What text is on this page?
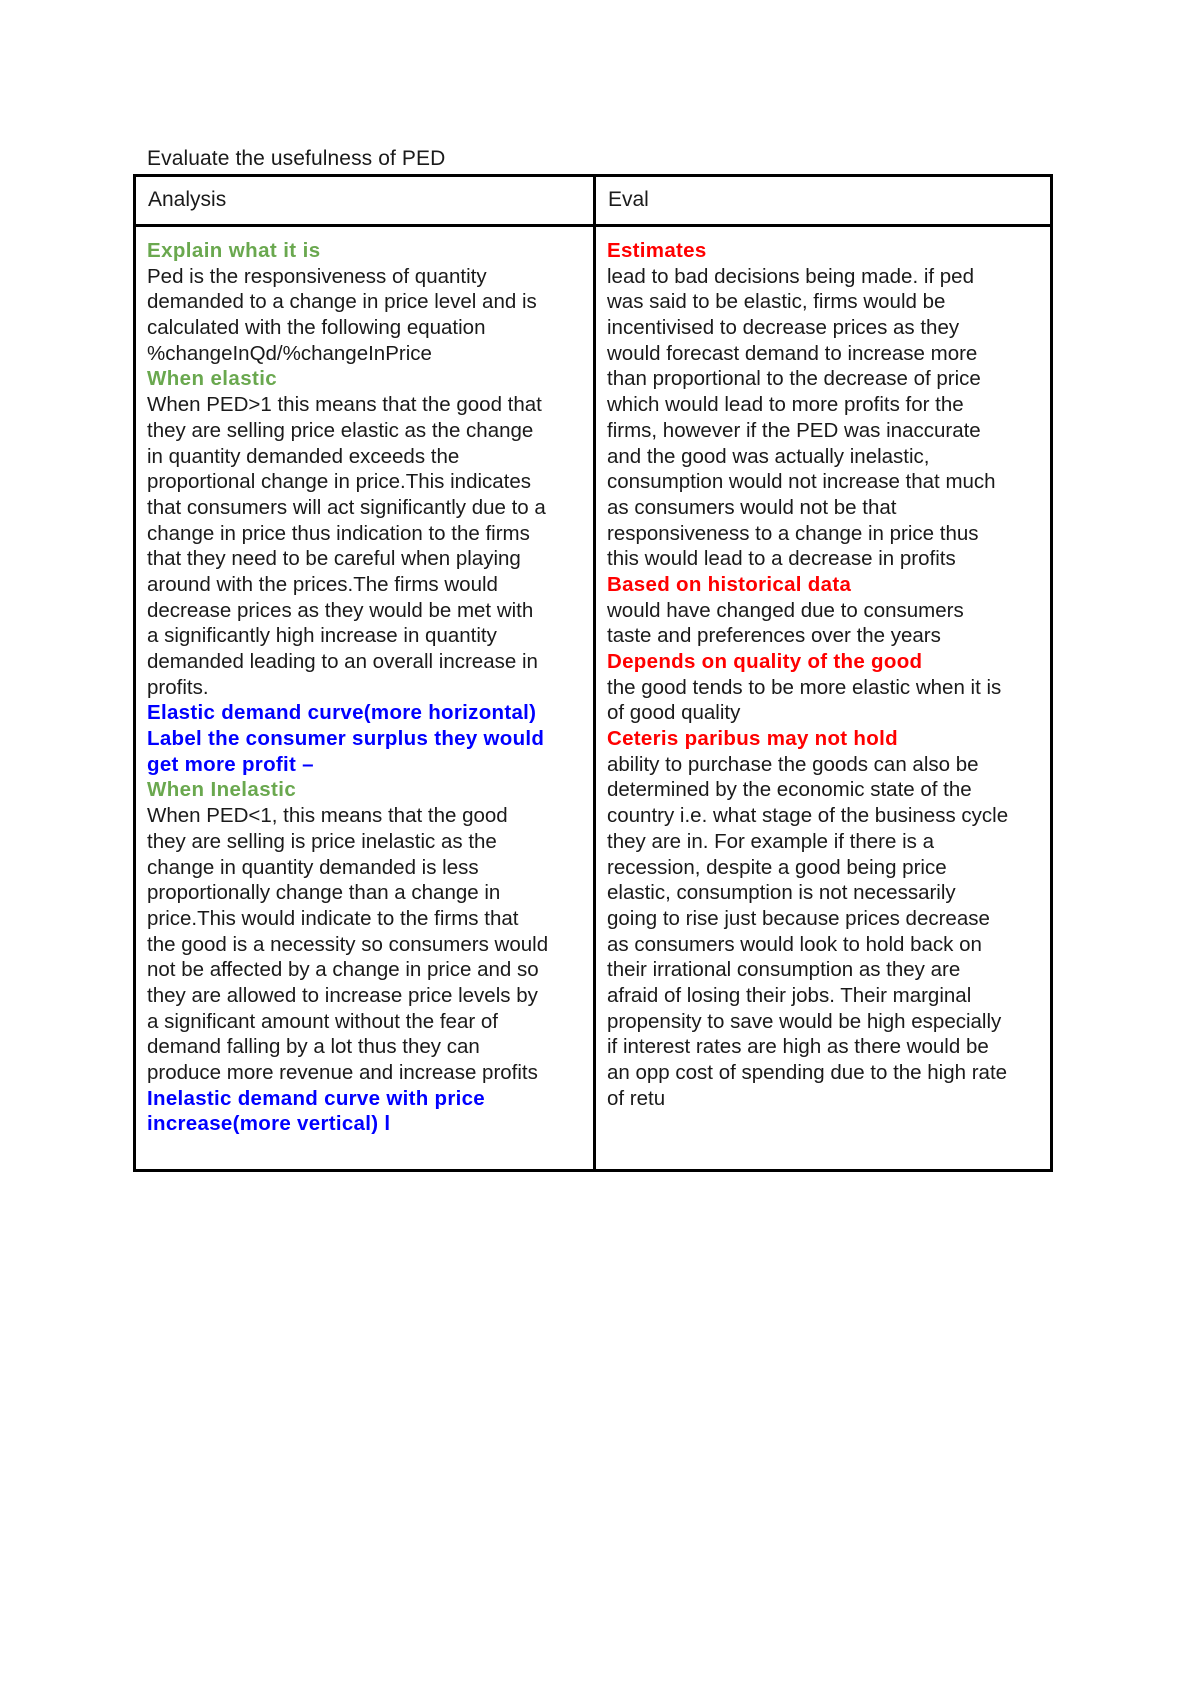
Evaluate the usefulness of PED
Analysis	Eval
Explain what it is
Ped is the responsiveness of quantity
demanded to a change in price level and is
calculated with the following equation
%changeInQd/%changeInPrice
When elastic
When PED>1 this means that the good that
they are selling price elastic as the change
in quantity demanded exceeds the
proportional change in price.This indicates
that consumers will act significantly due to a
change in price thus indication to the firms
that they need to be careful when playing
around with the prices.The firms would
decrease prices as they would be met with
a significantly high increase in quantity
demanded leading to an overall increase in
profits.
Elastic demand curve(more horizontal)
Label the consumer surplus they would
get more profit –
When Inelastic
When PED<1, this means that the good
they are selling is price inelastic as the
change in quantity demanded is less
proportionally change than a change in
price.This would indicate to the firms that
the good is a necessity so consumers would
not be affected by a change in price and so
they are allowed to increase price levels by
a significant amount without the fear of
demand falling by a lot thus they can
produce more revenue and increase profits
Inelastic demand curve with price
increase(more vertical) l
Estimates
lead to bad decisions being made. if ped
was said to be elastic, firms would be
incentivised to decrease prices as they
would forecast demand to increase more
than proportional to the decrease of price
which would lead to more profits for the
firms, however if the PED was inaccurate
and the good was actually inelastic,
consumption would not increase that much
as consumers would not be that
responsiveness to a change in price thus
this would lead to a decrease in profits
Based on historical data
would have changed due to consumers
taste and preferences over the years
Depends on quality of the good
the good tends to be more elastic when it is
of good quality
Ceteris paribus may not hold
ability to purchase the goods can also be
determined by the economic state of the
country i.e. what stage of the business cycle
they are in. For example if there is a
recession, despite a good being price
elastic, consumption is not necessarily
going to rise just because prices decrease
as consumers would look to hold back on
their irrational consumption as they are
afraid of losing their jobs. Their marginal
propensity to save would be high especially
if interest rates are high as there would be
an opp cost of spending due to the high rate
of retu
